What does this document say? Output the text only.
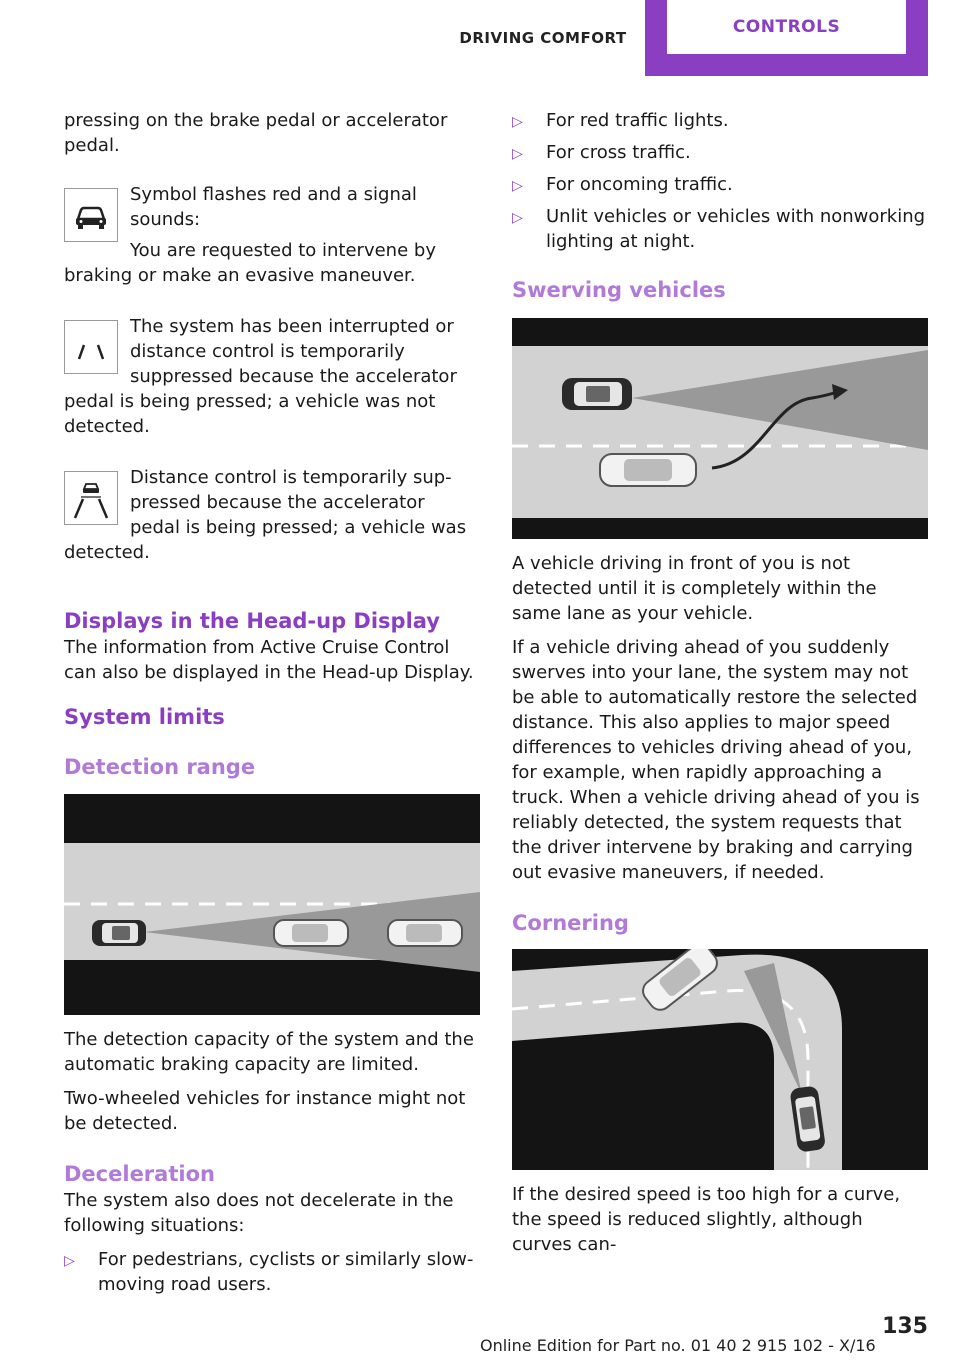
DRIVING COMFORT
CONTROLS

pressing on the brake pedal or accelerator pedal.

Symbol flashes red and a signal sounds:

You are requested to intervene by braking or make an evasive maneuver.

The system has been interrupted or distance control is temporarily suppressed because the accelerator pedal is being pressed; a vehicle was not detected.

Distance control is temporarily suppressed because the accelerator pedal is being pressed; a vehicle was detected.

Displays in the Head-up Display

The information from Active Cruise Control can also be displayed in the Head-up Display.

System limits
Detection range

The detection capacity of the system and the automatic braking capacity are limited.

Two-wheeled vehicles for instance might not be detected.

Deceleration

The system also does not decelerate in the following situations:

▷ For pedestrians, cyclists or similarly slow-moving road users.
▷ For red traffic lights.
▷ For cross traffic.
▷ For oncoming traffic.
▷ Unlit vehicles or vehicles with nonworking lighting at night.
Swerving vehicles

A vehicle driving in front of you is not detected until it is completely within the same lane as your vehicle.

If a vehicle driving ahead of you suddenly swerves into your lane, the system may not be able to automatically restore the selected distance. This also applies to major speed differences to vehicles driving ahead of you, for example, when rapidly approaching a truck. When a vehicle driving ahead of you is reliably detected, the system requests that the driver intervene by braking and carrying out evasive maneuvers, if needed.

Cornering

If the desired speed is too high for a curve, the speed is reduced slightly, although curves can-

135
Online Edition for Part no. 01 40 2 915 102 - X/16
